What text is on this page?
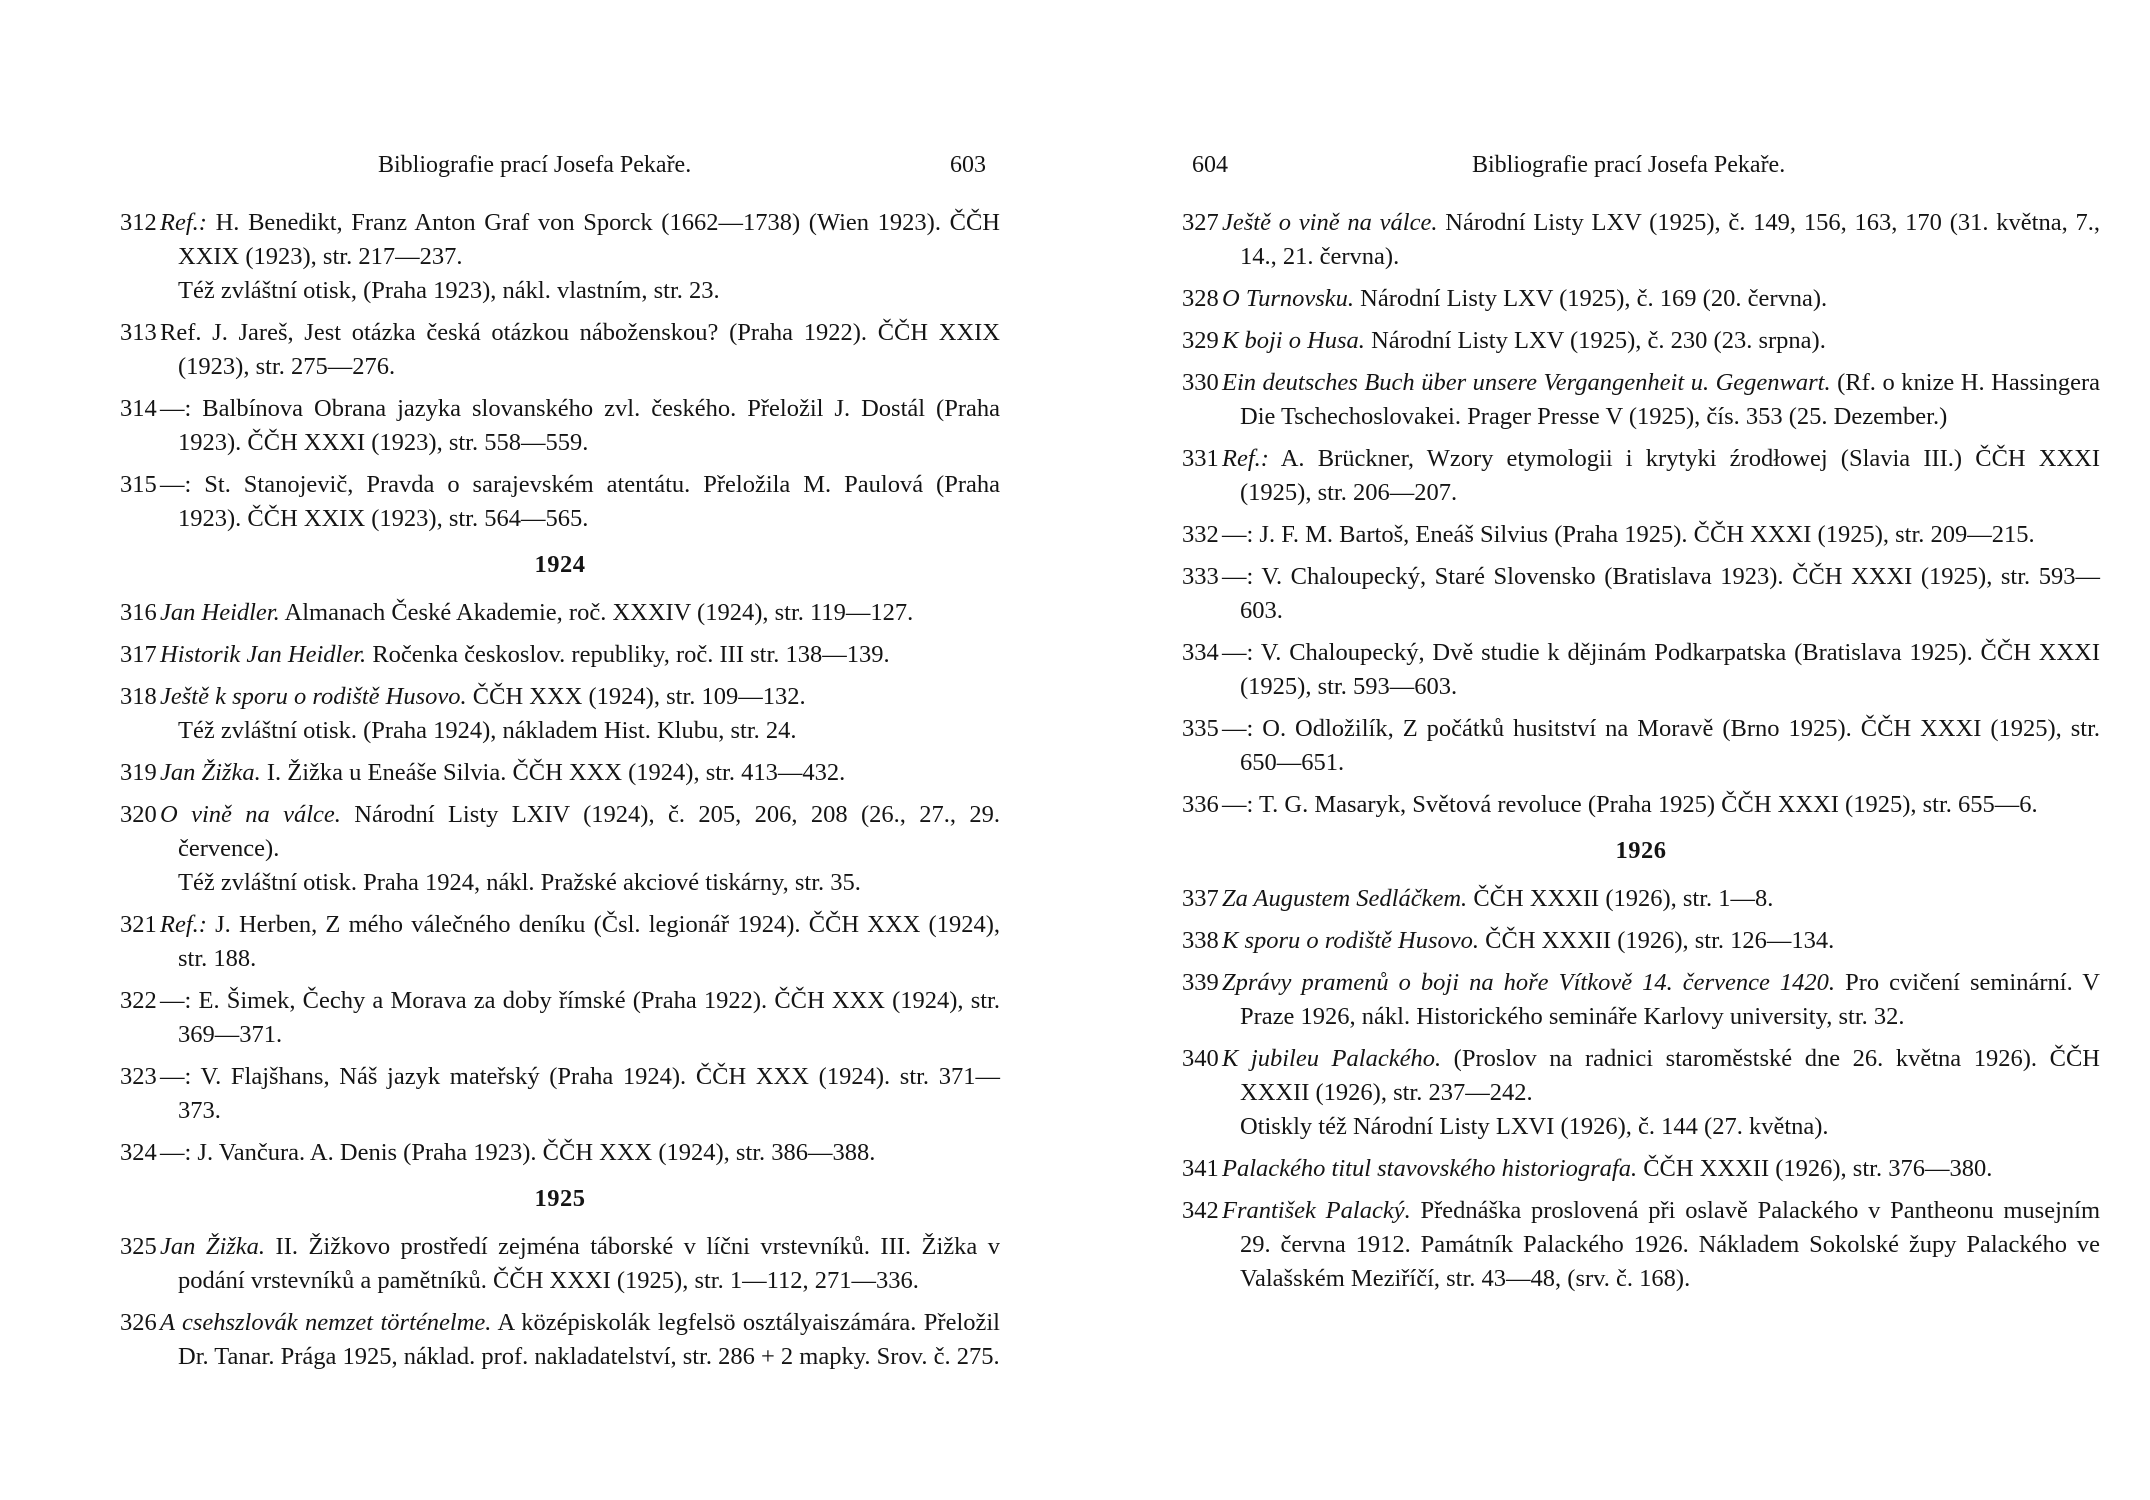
Bibliografie prací Josefa Pekaře.	603
312 Ref.: H. Benedikt, Franz Anton Graf von Sporck (1662—1738) (Wien 1923). ČČH XXIX (1923), str. 217—237.
Též zvláštní otisk, (Praha 1923), nákl. vlastním, str. 23.
313 Ref. J. Jareš, Jest otázka česká otázkou náboženskou? (Praha 1922). ČČH XXIX (1923), str. 275—276.
314 —: Balbínova Obrana jazyka slovanského zvl. českého. Přeložil J. Dostál (Praha 1923). ČČH XXXI (1923), str. 558—559.
315 —: St. Stanojevič, Pravda o sarajevském atentátu. Přeložila M. Paulová (Praha 1923). ČČH XXIX (1923), str. 564—565.
1924
316 Jan Heidler. Almanach České Akademie, roč. XXXIV (1924), str. 119—127.
317 Historik Jan Heidler. Ročenka českoslov. republiky, roč. III str. 138—139.
318 Ještě k sporu o rodiště Husovo. ČČH XXX (1924), str. 109—132.
Též zvláštní otisk. (Praha 1924), nákladem Hist. Klubu, str. 24.
319 Jan Žižka. I. Žižka u Eneáše Silvia. ČČH XXX (1924), str. 413—432.
320 O vině na válce. Národní Listy LXIV (1924), č. 205, 206, 208 (26., 27., 29. července).
Též zvláštní otisk. Praha 1924, nákl. Pražské akciové tiskárny, str. 35.
321 Ref.: J. Herben, Z mého válečného deníku (Čsl. legionář 1924). ČČH XXX (1924), str. 188.
322 —: E. Šimek, Čechy a Morava za doby římské (Praha 1922). ČČH XXX (1924), str. 369—371.
323 —: V. Flajšhans, Náš jazyk mateřský (Praha 1924). ČČH XXX (1924). str. 371—373.
324 —: J. Vančura. A. Denis (Praha 1923). ČČH XXX (1924), str. 386—388.
1925
325 Jan Žižka. II. Žižkovo prostředí zejména táborské v líčni vrstevníků. III. Žižka v podání vrstevníků a pamětníků. ČČH XXXI (1925), str. 1—112, 271—336.
326 A csehszlovák nemzet történelme. A középiskolák legfelsö osztályaiszámára. Přeložil Dr. Tanar. Prága 1925, náklad. prof. nakladatelství, str. 286 + 2 mapky. Srov. č. 275.
604	Bibliografie prací Josefa Pekaře.
327 Ještě o vině na válce. Národní Listy LXV (1925), č. 149, 156, 163, 170 (31. května, 7., 14., 21. června).
328 O Turnovsku. Národní Listy LXV (1925), č. 169 (20. června).
329 K boji o Husa. Národní Listy LXV (1925), č. 230 (23. srpna).
330 Ein deutsches Buch über unsere Vergangenheit u. Gegenwart. (Rf. o knize H. Hassingera Die Tschechoslovakei. Prager Presse V (1925), čís. 353 (25. Dezember.)
331 Ref.: A. Brückner, Wzory etymologii i krytyki źrodłowej (Slavia III.) ČČH XXXI (1925), str. 206—207.
332 —: J. F. M. Bartoš, Eneáš Silvius (Praha 1925). ČČH XXXI (1925), str. 209—215.
333 —: V. Chaloupecký, Staré Slovensko (Bratislava 1923). ČČH XXXI (1925), str. 593—603.
334 —: V. Chaloupecký, Dvě studie k dějinám Podkarpatska (Bratislava 1925). ČČH XXXI (1925), str. 593—603.
335 —: O. Odložilík, Z počátků husitství na Moravě (Brno 1925). ČČH XXXI (1925), str. 650—651.
336 —: T. G. Masaryk, Světová revoluce (Praha 1925) ČČH XXXI (1925), str. 655—6.
1926
337 Za Augustem Sedláčkem. ČČH XXXII (1926), str. 1—8.
338 K sporu o rodiště Husovo. ČČH XXXII (1926), str. 126—134.
339 Zprávy pramenů o boji na hoře Vítkově 14. července 1420. Pro cvičení seminární. V Praze 1926, nákl. Historického semináře Karlovy university, str. 32.
340 K jubileu Palackého. (Proslov na radnici staroměstské dne 26. května 1926). ČČH XXXII (1926), str. 237—242.
Otiskly též Národní Listy LXVI (1926), č. 144 (27. května).
341 Palackého titul stavovského historiografa. ČČH XXXII (1926), str. 376—380.
342 František Palacký. Přednáška proslovená při oslavě Palackého v Pantheonu musejním 29. června 1912. Památník Palackého 1926. Nákladem Sokolské župy Palackého ve Valašském Meziříčí, str. 43—48, (srv. č. 168).
